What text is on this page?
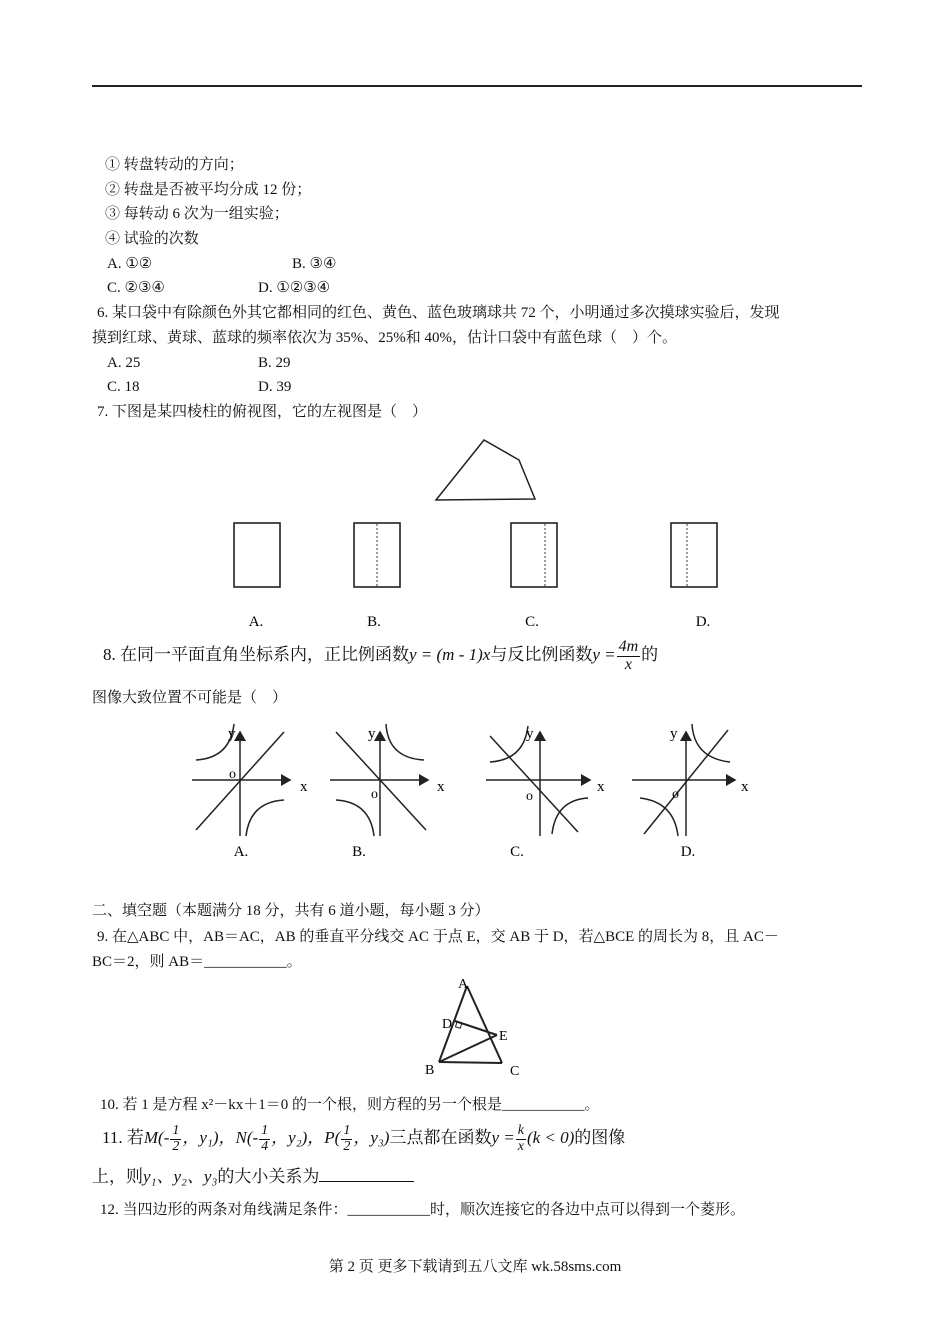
① 转盘转动的方向；
② 转盘是否被平均分成 12 份；
③ 每转动 6 次为一组实验；
④ 试验的次数
A. ①②	B. ③④
C. ②③④	D. ①②③④
6. 某口袋中有除颜色外其它都相同的红色、黄色、蓝色玻璃球共 72 个，小明通过多次摸球实验后，发现
摸到红球、黄球、蓝球的频率依次为 35%、25%和 40%，估计口袋中有蓝色球（　）个。
A. 25	B. 29
C. 18	D. 39
7. 下图是某四棱柱的俯视图，它的左视图是（　）
A.	B.	C.	D.
8. 在同一平面直角坐标系内，正比例函数y = (m - 1)x与反比例函数$y = \frac{4m}{x}$ 的
图像大致位置不可能是（　）
x
y
o
A.
x
y
o
B.
x
y
o
C.
x
y
o
D.
二、填空题（本题满分 18 分，共有 6 道小题，每小题 3 分）
9. 在△ABC 中，AB＝AC，AB 的垂直平分线交 AC 于点 E，交 AB 于 D，若△BCE 的周长为 8，且 AC－
BC＝2，则 AB＝___________。
A
D
E
B	C
10. 若 1 是方程 x²－kx＋1＝0 的一个根，则方程的另一个根是___________。
11. 若$M(- \frac{1}{2}$ ，y₁)，$N(- \frac{1}{4}$ ，y₂)，$P( \frac{1}{2}$ ，y₃)三点都在函数$y = \frac{k}{x} (k < 0)$的图像
上，则y₁、y₂、y₃的大小关系为
12. 当四边形的两条对角线满足条件：___________时，顺次连接它的各边中点可以得到一个菱形。
第 2 页 更多下载请到五八文库 wk.58sms.com
